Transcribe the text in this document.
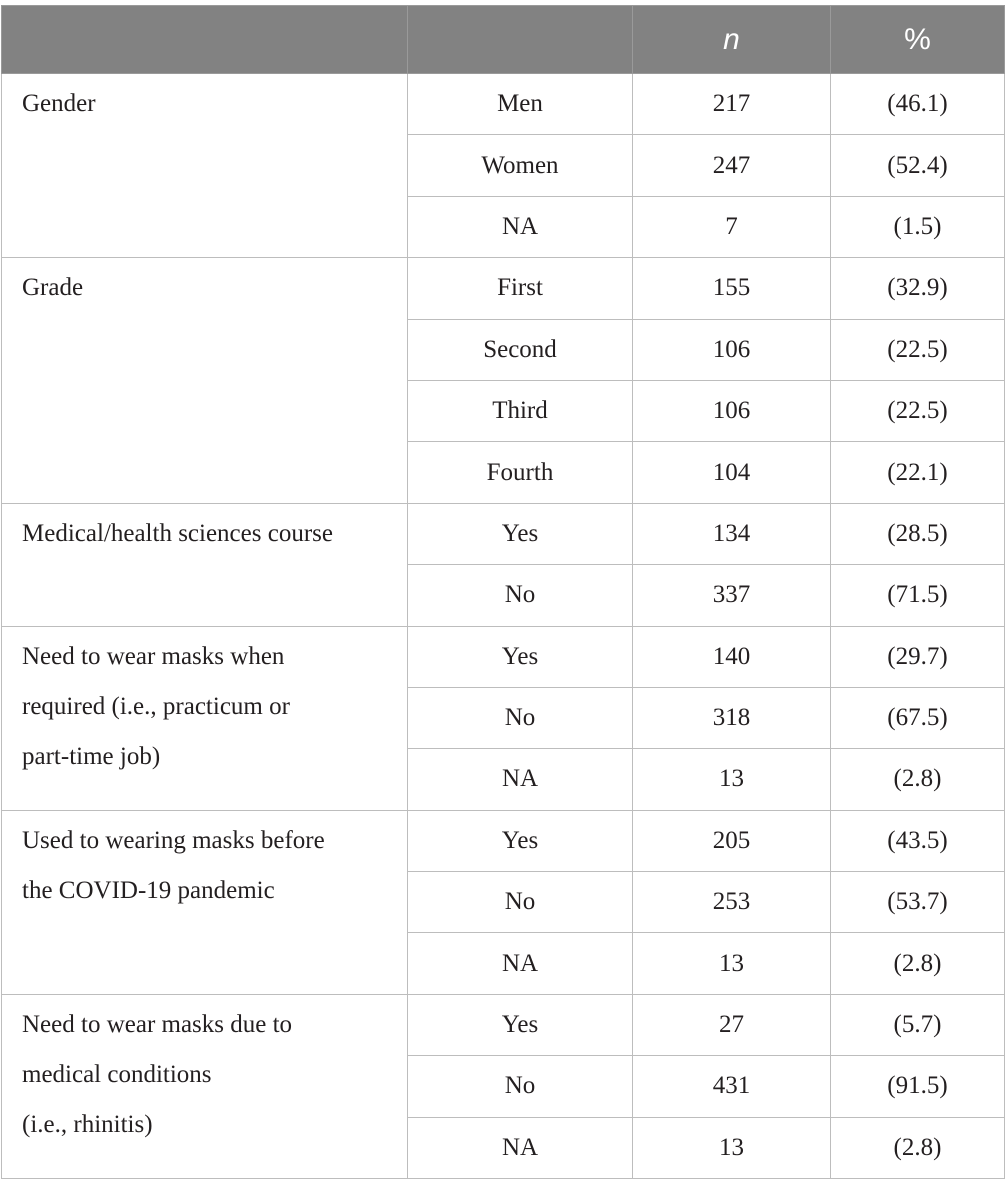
		n	%

Gender	Men	217	(46.1)
	Women	247	(52.4)
	NA	7	(1.5)

Grade	First	155	(32.9)
	Second	106	(22.5)
	Third	106	(22.5)
	Fourth	104	(22.1)

Medical/health sciences course	Yes	134	(28.5)
	No	337	(71.5)

Need to wear masks when
required (i.e., practicum or
part-time job)	Yes	140	(29.7)
	No	318	(67.5)
	NA	13	(2.8)

Used to wearing masks before
the COVID-19 pandemic	Yes	205	(43.5)
	No	253	(53.7)
	NA	13	(2.8)

Need to wear masks due to
medical conditions
(i.e., rhinitis)	Yes	27	(5.7)
	No	431	(91.5)
	NA	13	(2.8)
